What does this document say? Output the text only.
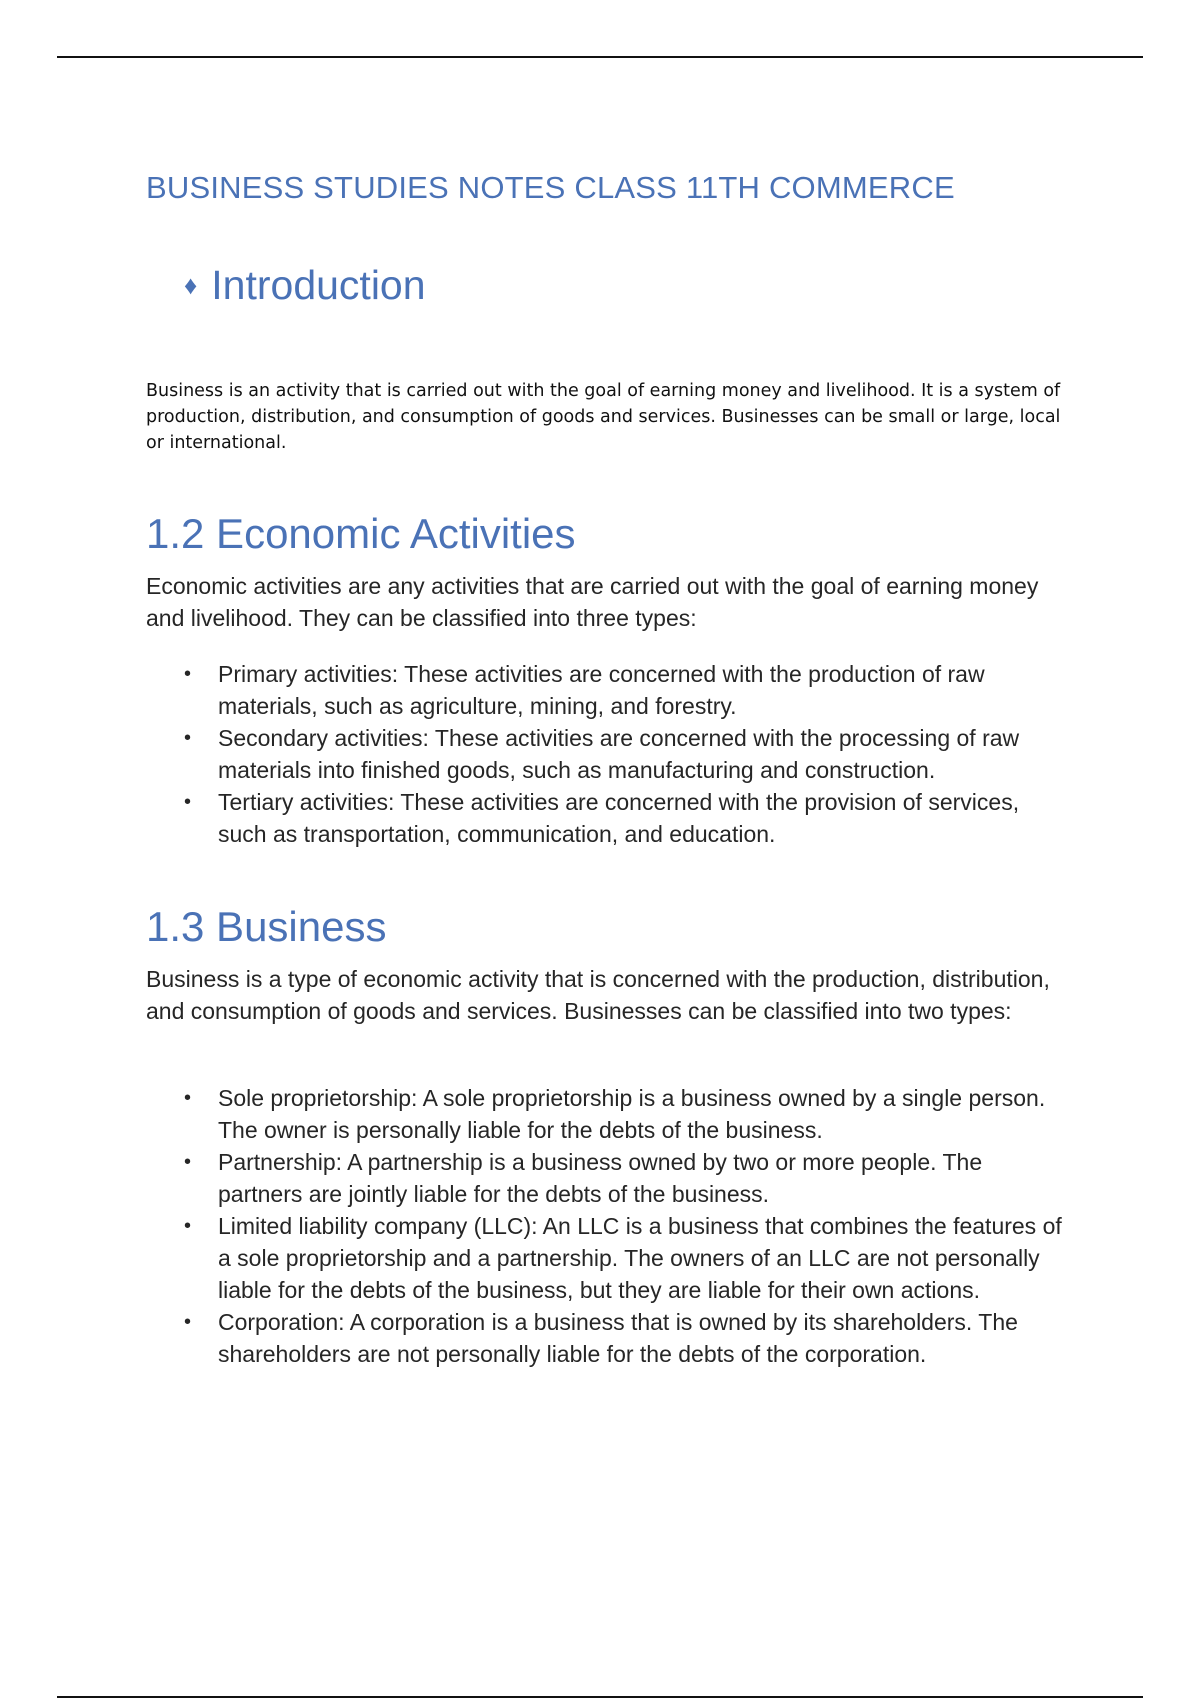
BUSINESS STUDIES NOTES CLASS 11TH COMMERCE
♦ Introduction

Business is an activity that is carried out with the goal of earning money and livelihood. It is a system of production, distribution, and consumption of goods and services. Businesses can be small or large, local or international.

1.2 Economic Activities

Economic activities are any activities that are carried out with the goal of earning money and livelihood. They can be classified into three types:

• Primary activities: These activities are concerned with the production of raw materials, such as agriculture, mining, and forestry.
• Secondary activities: These activities are concerned with the processing of raw materials into finished goods, such as manufacturing and construction.
• Tertiary activities: These activities are concerned with the provision of services, such as transportation, communication, and education.
1.3 Business

Business is a type of economic activity that is concerned with the production, distribution, and consumption of goods and services. Businesses can be classified into two types:

• Sole proprietorship: A sole proprietorship is a business owned by a single person. The owner is personally liable for the debts of the business.
• Partnership: A partnership is a business owned by two or more people. The partners are jointly liable for the debts of the business.
• Limited liability company (LLC): An LLC is a business that combines the features of a sole proprietorship and a partnership. The owners of an LLC are not personally liable for the debts of the business, but they are liable for their own actions.
• Corporation: A corporation is a business that is owned by its shareholders. The shareholders are not personally liable for the debts of the corporation.
